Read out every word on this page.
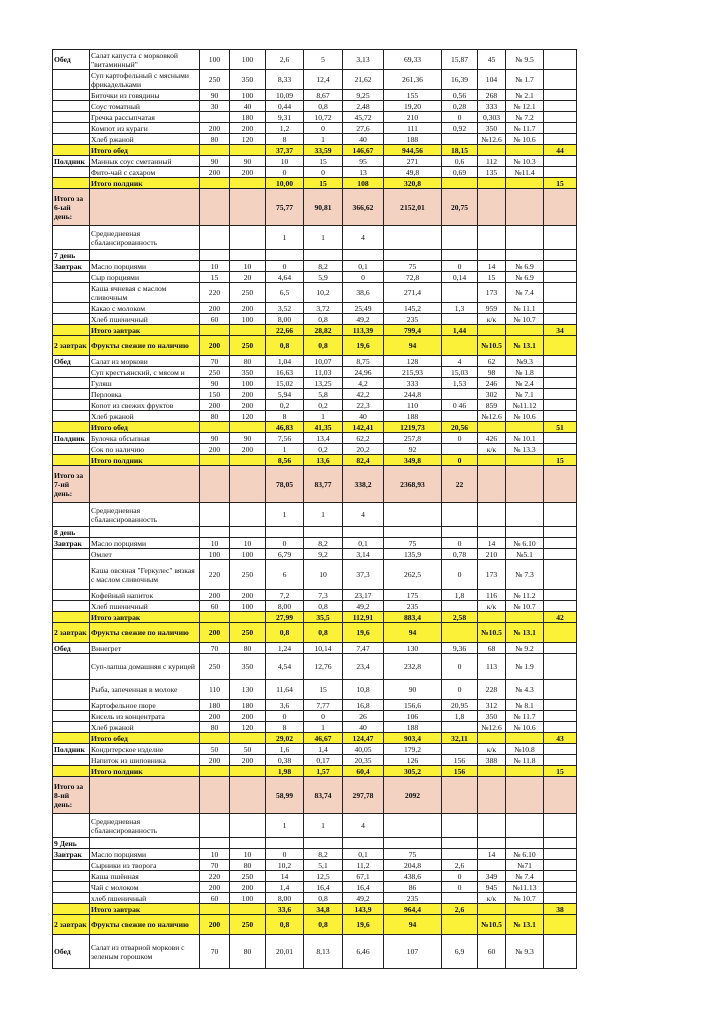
Обед	Салат капуста с морковкой "витаминный"	100	100	2,6	5	3,13	69,33	15,87	45	№ 9.5	
	Суп картофельный с мясными фрикадельками	250	350	8,33	12,4	21,62	261,36	16,39	104	№ 1.7	
	Биточки из говядины	90	100	10,09	8,67	9,25	155	0,56	268	№ 2.1	
	Соус томатный	30	40	0,44	0,8	2,48	19,20	0,28	333	№ 12.1	
	Гречка рассыпчатая		180	9,31	10,72	45,72	210	0	0,303	№ 7.2	
	Компот из кураги	200	200	1,2	0	27,6	111	0,92	350	№ 11.7	
	Хлеб ржаной	80	120	8	1	40	188		№12.6	№ 10.6	
	Итого обед			37,37	33,59	146,67	944,56	18,15			44
Полдник	Маннык соус сметанный	90	90	10	15	95	271	0,6	112	№ 10.3	
	Фито-чай с сахаром	200	200	0	0	13	49,8	0,69	135	№11.4	
	Итого полдник			10,00	15	108	320,8				15
Итого за 6-ый день:				75,77	90,81	366,62	2152,01	20,75			
	Среднедневная сбалансированность			1	1	4					
7 день											
Завтрак	Масло порциями	10	10	0	8,2	0,1	75	0	14	№ 6.9	
	Сыр порциями	15	20	4,64	5,9	0	72,8	0,14	15	№ 6.9	
	Каша ячневая с маслом сливочным	220	250	6,5	10,2	38,6	271,4		173	№ 7.4	
	Какао с молоком	200	200	3,52	3,72	25,49	145,2	1,3	959	№ 11.1	
	Хлеб пшеничный	60	100	8,00	0,8	49,2	235		к/к	№ 10.7	
	Итого завтрак			22,66	28,82	113,39	799,4	1,44			34
2 завтрак	Фрукты свежие по наличию	200	250	0,8	0,8	19,6	94		№10.5	№ 13.1	
Обед	Салат из моркови	70	80	1,04	10,07	8,75	128	4	62	№9.3	
	Суп крестьянский, с мясом и	250	350	16,63	11,03	24,96	215,93	15,03	98	№ 1.8	
	Гуляш	90	100	15,02	13,25	4,2	333	1,53	246	№ 2.4	
	Перловка	150	200	5,94	5,8	42,2	244,8		302	№ 7.1	
	Копот из свежих фруктов	200	200	0,2	0,2	22,3	110	0 46	859	№11.12	
	Хлеб ржаной	80	120	8	1	40	188		№12.6	№ 10.6	
	Итого обед			46,83	41,35	142,41	1219,73	20,56			51
Полдник	Булочка обсыпная	90	90	7,56	13,4	62,2	257,8	0	426	№ 10.1	
	Сок по наличию	200	200	1	0,2	20,2	92		к/к	№ 13.3	
	Итого полдник			8,56	13,6	82,4	349,8	0			15
Итого за 7-ий день:				78,05	83,77	338,2	2368,93	22			
	Среднедневная сбалансированность			1	1	4					
8 день											
Завтрак	Масло порциями	10	10	0	8,2	0,1	75	0	14	№ 6.10	
	Омлет	100	100	6,79	9,2	3,14	135,9	0,78	210	№5.1	
	Каша овсяная "Геркулес" вязкая с маслом сливочным	220	250	6	10	37,3	262,5	0	173	№ 7.3	
	Кофейный напиток	200	200	7,2	7,3	23,17	175	1,8	116	№ 11.2	
	Хлеб пшеничный	60	100	8,00	0,8	49,2	235		к/к	№ 10.7	
	Итого завтрак			27,99	35,5	112,91	883,4	2,58			42
2 завтрак	Фрукты свежие по наличию	200	250	0,8	0,8	19,6	94		№10.5	№ 13.1	
Обед	Винегрет	70	80	1,24	10,14	7,47	130	9,36	68	№ 9.2	
	Суп-лапша домашняя с курицей	250	350	4,54	12,76	23,4	232,8	0	113	№ 1.9	
	Рыба, запеченная в молоке	110	130	11,64	15	10,8	90	0	228	№ 4.3	
	Картофельное пюре	180	180	3,6	7,77	16,8	156,6	20,95	312	№ 8.1	
	Кисель из концентрата	200	200	0	0	26	106	1,8	350	№ 11.7	
	Хлеб ржаной	80	120	8	1	40	188		№12.6	№ 10.6	
	Итого обед			29,02	46,67	124,47	903,4	32,11			43
Полдник	Кондитерское изделие	50	50	1,6	1,4	40,05	179,2		к/к	№10.8	
	Напиток из шиповника	200	200	0,38	0,17	20,35	126	156	388	№ 11.8	
	Итого полдник			1,98	1,57	60,4	305,2	156			15
Итого за 8-ий день:				58,99	83,74	297,78	2092				
	Среднедневная сбалансированность			1	1	4					
9 День											
Завтрак	Масло порциями	10	10	0	8,2	0,1	75		14	№ 6.10	
	Сырники из творога	70	80	10,2	5,1	11,2	204,8	2,6		№71	
	Каша пшённая	220	250	14	12,5	67,1	438,6	0	349	№ 7.4	
	Чай с молоком	200	200	1,4	16,4	16,4	86	0	945	№11.13	
	хлеб пшеничный	60	100	8,00	0,8	49,2	235		к/к	№ 10.7	
	Итого завтрак			33,6	34,8	143,9	964,4	2,6			38
2 завтрак	Фрукты свежие по наличию	200	250	0,8	0,8	19,6	94		№10.5	№ 13.1	
Обед	Салат из отварной моркови с зеленым горошком	70	80	20,01	8,13	6,46	107	6,9	60	№ 9.3	
